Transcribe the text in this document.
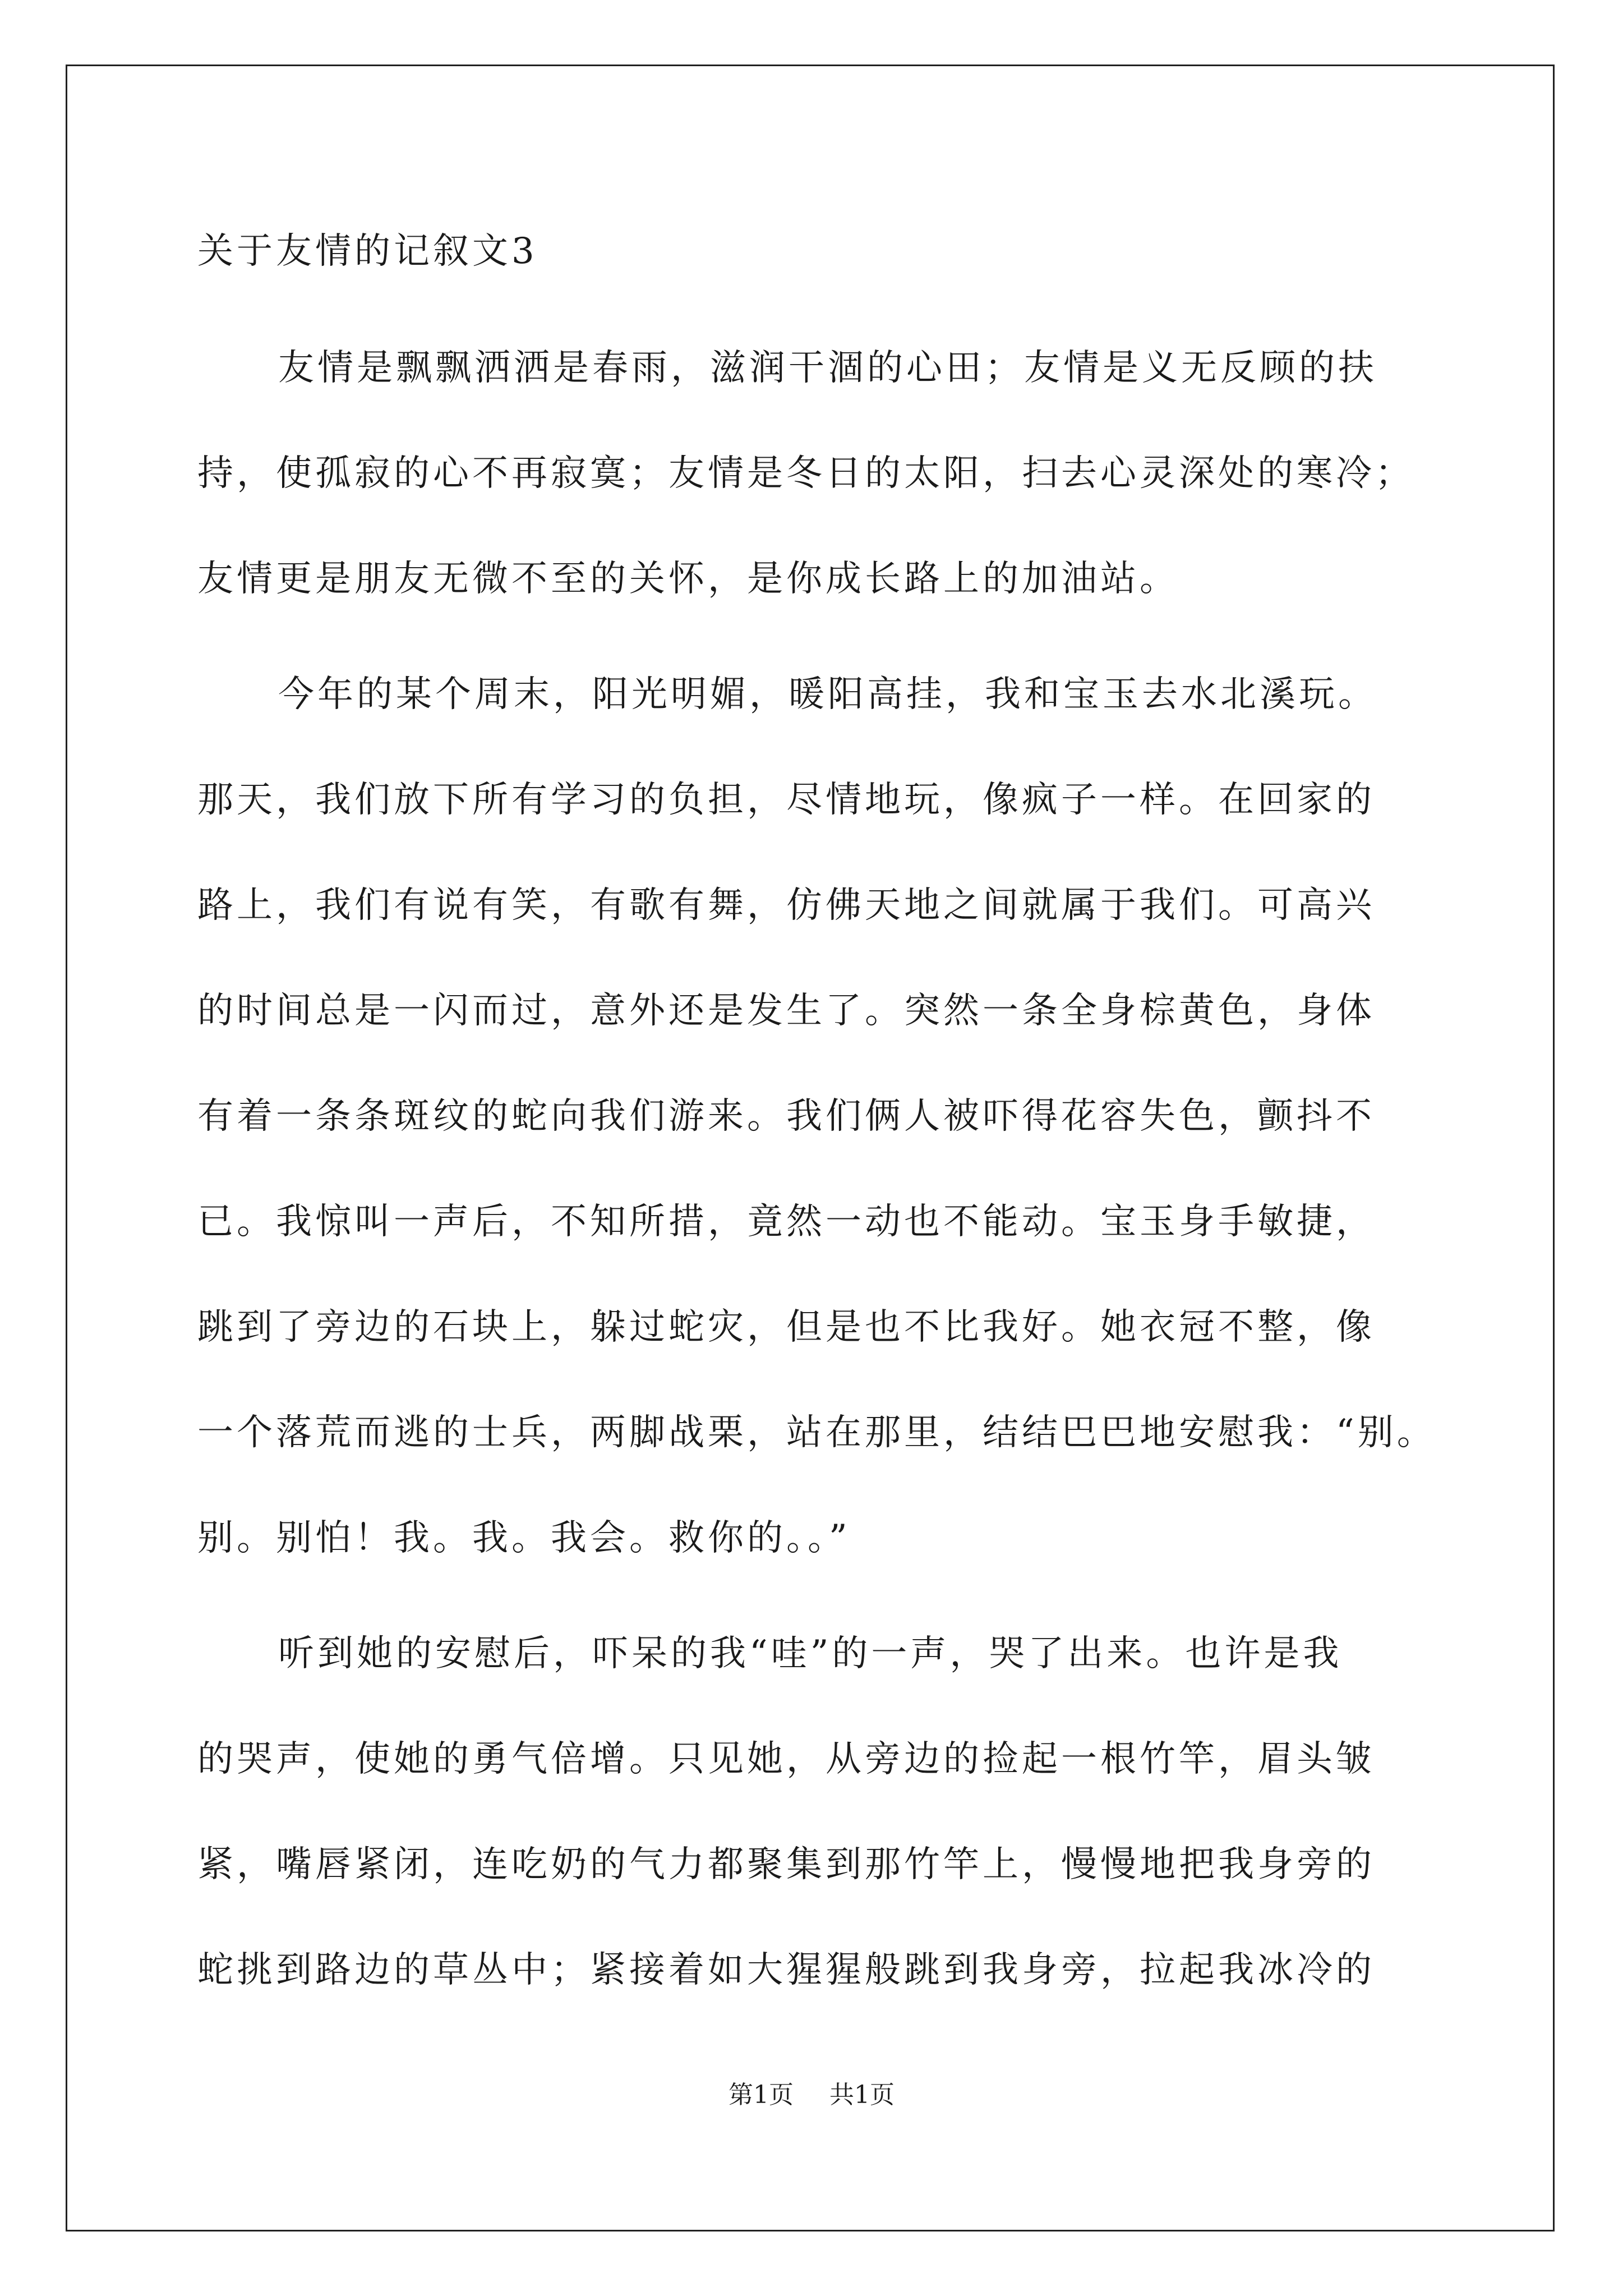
关于友情的记叙文3

友情是飘飘洒洒是春雨，滋润干涸的心田；友情是义无反顾的扶
持，使孤寂的心不再寂寞；友情是冬日的太阳，扫去心灵深处的寒冷；
友情更是朋友无微不至的关怀，是你成长路上的加油站。

今年的某个周末，阳光明媚，暖阳高挂，我和宝玉去水北溪玩。
那天，我们放下所有学习的负担，尽情地玩，像疯子一样。在回家的
路上，我们有说有笑，有歌有舞，仿佛天地之间就属于我们。可高兴
的时间总是一闪而过，意外还是发生了。突然一条全身棕黄色，身体
有着一条条斑纹的蛇向我们游来。我们俩人被吓得花容失色，颤抖不
已。我惊叫一声后，不知所措，竟然一动也不能动。宝玉身手敏捷，
跳到了旁边的石块上，躲过蛇灾，但是也不比我好。她衣冠不整，像
一个落荒而逃的士兵，两脚战栗，站在那里，结结巴巴地安慰我：“别。
别。别怕！我。我。我会。救你的。。”

听到她的安慰后，吓呆的我“哇”的一声，哭了出来。也许是我
的哭声，使她的勇气倍增。只见她，从旁边的捡起一根竹竿，眉头皱
紧，嘴唇紧闭，连吃奶的气力都聚集到那竹竿上，慢慢地把我身旁的
蛇挑到路边的草丛中；紧接着如大猩猩般跳到我身旁，拉起我冰冷的

第1页 共1页
